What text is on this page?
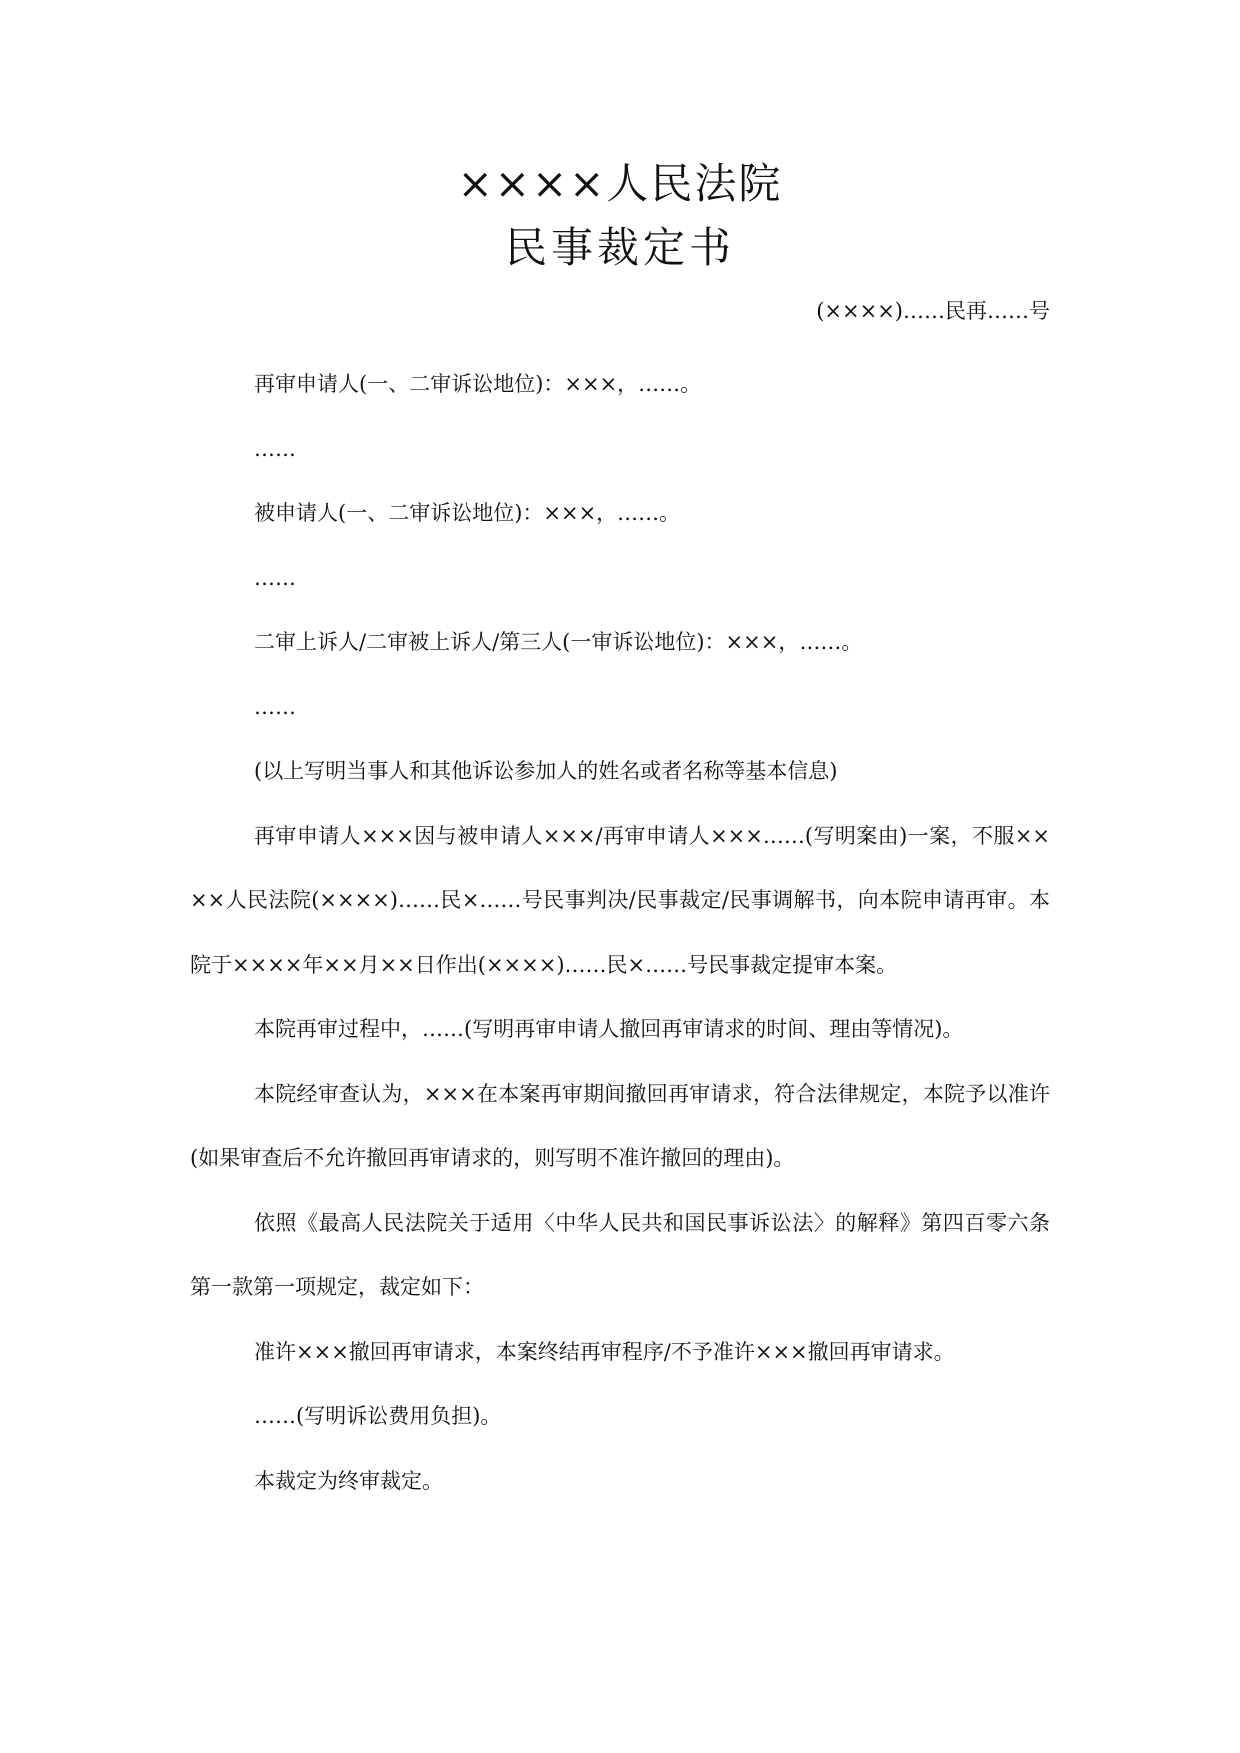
××××人民法院
民事裁定书
(××××)……民再……号

再审申请人(一、二审诉讼地位)：×××，……。

……

被申请人(一、二审诉讼地位)：×××，……。

……

二审上诉人/二审被上诉人/第三人(一审诉讼地位)：×××，……。

……

(以上写明当事人和其他诉讼参加人的姓名或者名称等基本信息)

再审申请人×××因与被申请人×××/再审申请人×××……(写明案由)一案，不服××××人民法院(××××)……民×……号民事判决/民事裁定/民事调解书，向本院申请再审。本院于××××年××月××日作出(××××)……民×……号民事裁定提审本案。

本院再审过程中，……(写明再审申请人撤回再审请求的时间、理由等情况)。

本院经审查认为，×××在本案再审期间撤回再审请求，符合法律规定，本院予以准许(如果审查后不允许撤回再审请求的，则写明不准许撤回的理由)。

依照《最高人民法院关于适用〈中华人民共和国民事诉讼法〉的解释》第四百零六条第一款第一项规定，裁定如下：

准许×××撤回再审请求，本案终结再审程序/不予准许×××撤回再审请求。

……(写明诉讼费用负担)。

本裁定为终审裁定。
